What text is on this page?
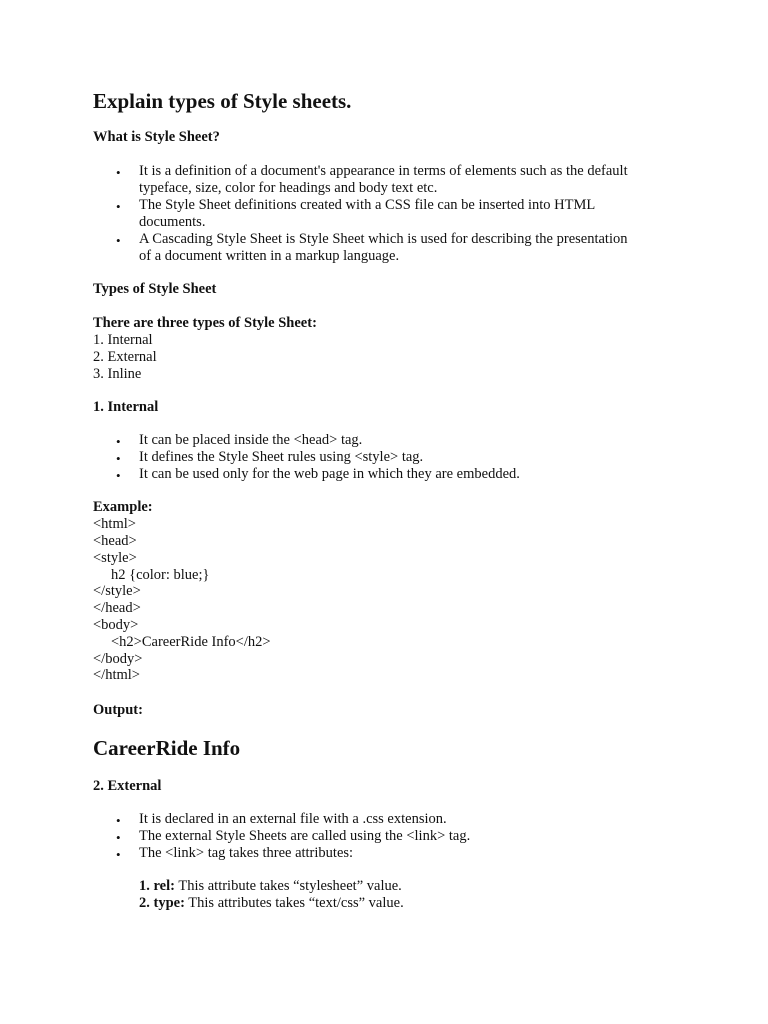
Explain types of Style sheets.
What is Style Sheet?
• It is a definition of a document's appearance in terms of elements such as the default
typeface, size, color for headings and body text etc.
• The Style Sheet definitions created with a CSS file can be inserted into HTML
documents.
• A Cascading Style Sheet is Style Sheet which is used for describing the presentation
of a document written in a markup language.
Types of Style Sheet
There are three types of Style Sheet:
1. Internal
2. External
3. Inline
1. Internal
• It can be placed inside the <head> tag.
• It defines the Style Sheet rules using <style> tag.
• It can be used only for the web page in which they are embedded.
Example:
<html>
<head>
<style>
h2 {color: blue;}
</style>
</head>
<body>
<h2>CareerRide Info</h2>
</body>
</html>
Output:
CareerRide Info
2. External
• It is declared in an external file with a .css extension.
• The external Style Sheets are called using the <link> tag.
• The <link> tag takes three attributes:
1. rel: This attribute takes “stylesheet” value.
2. type: This attributes takes “text/css” value.
